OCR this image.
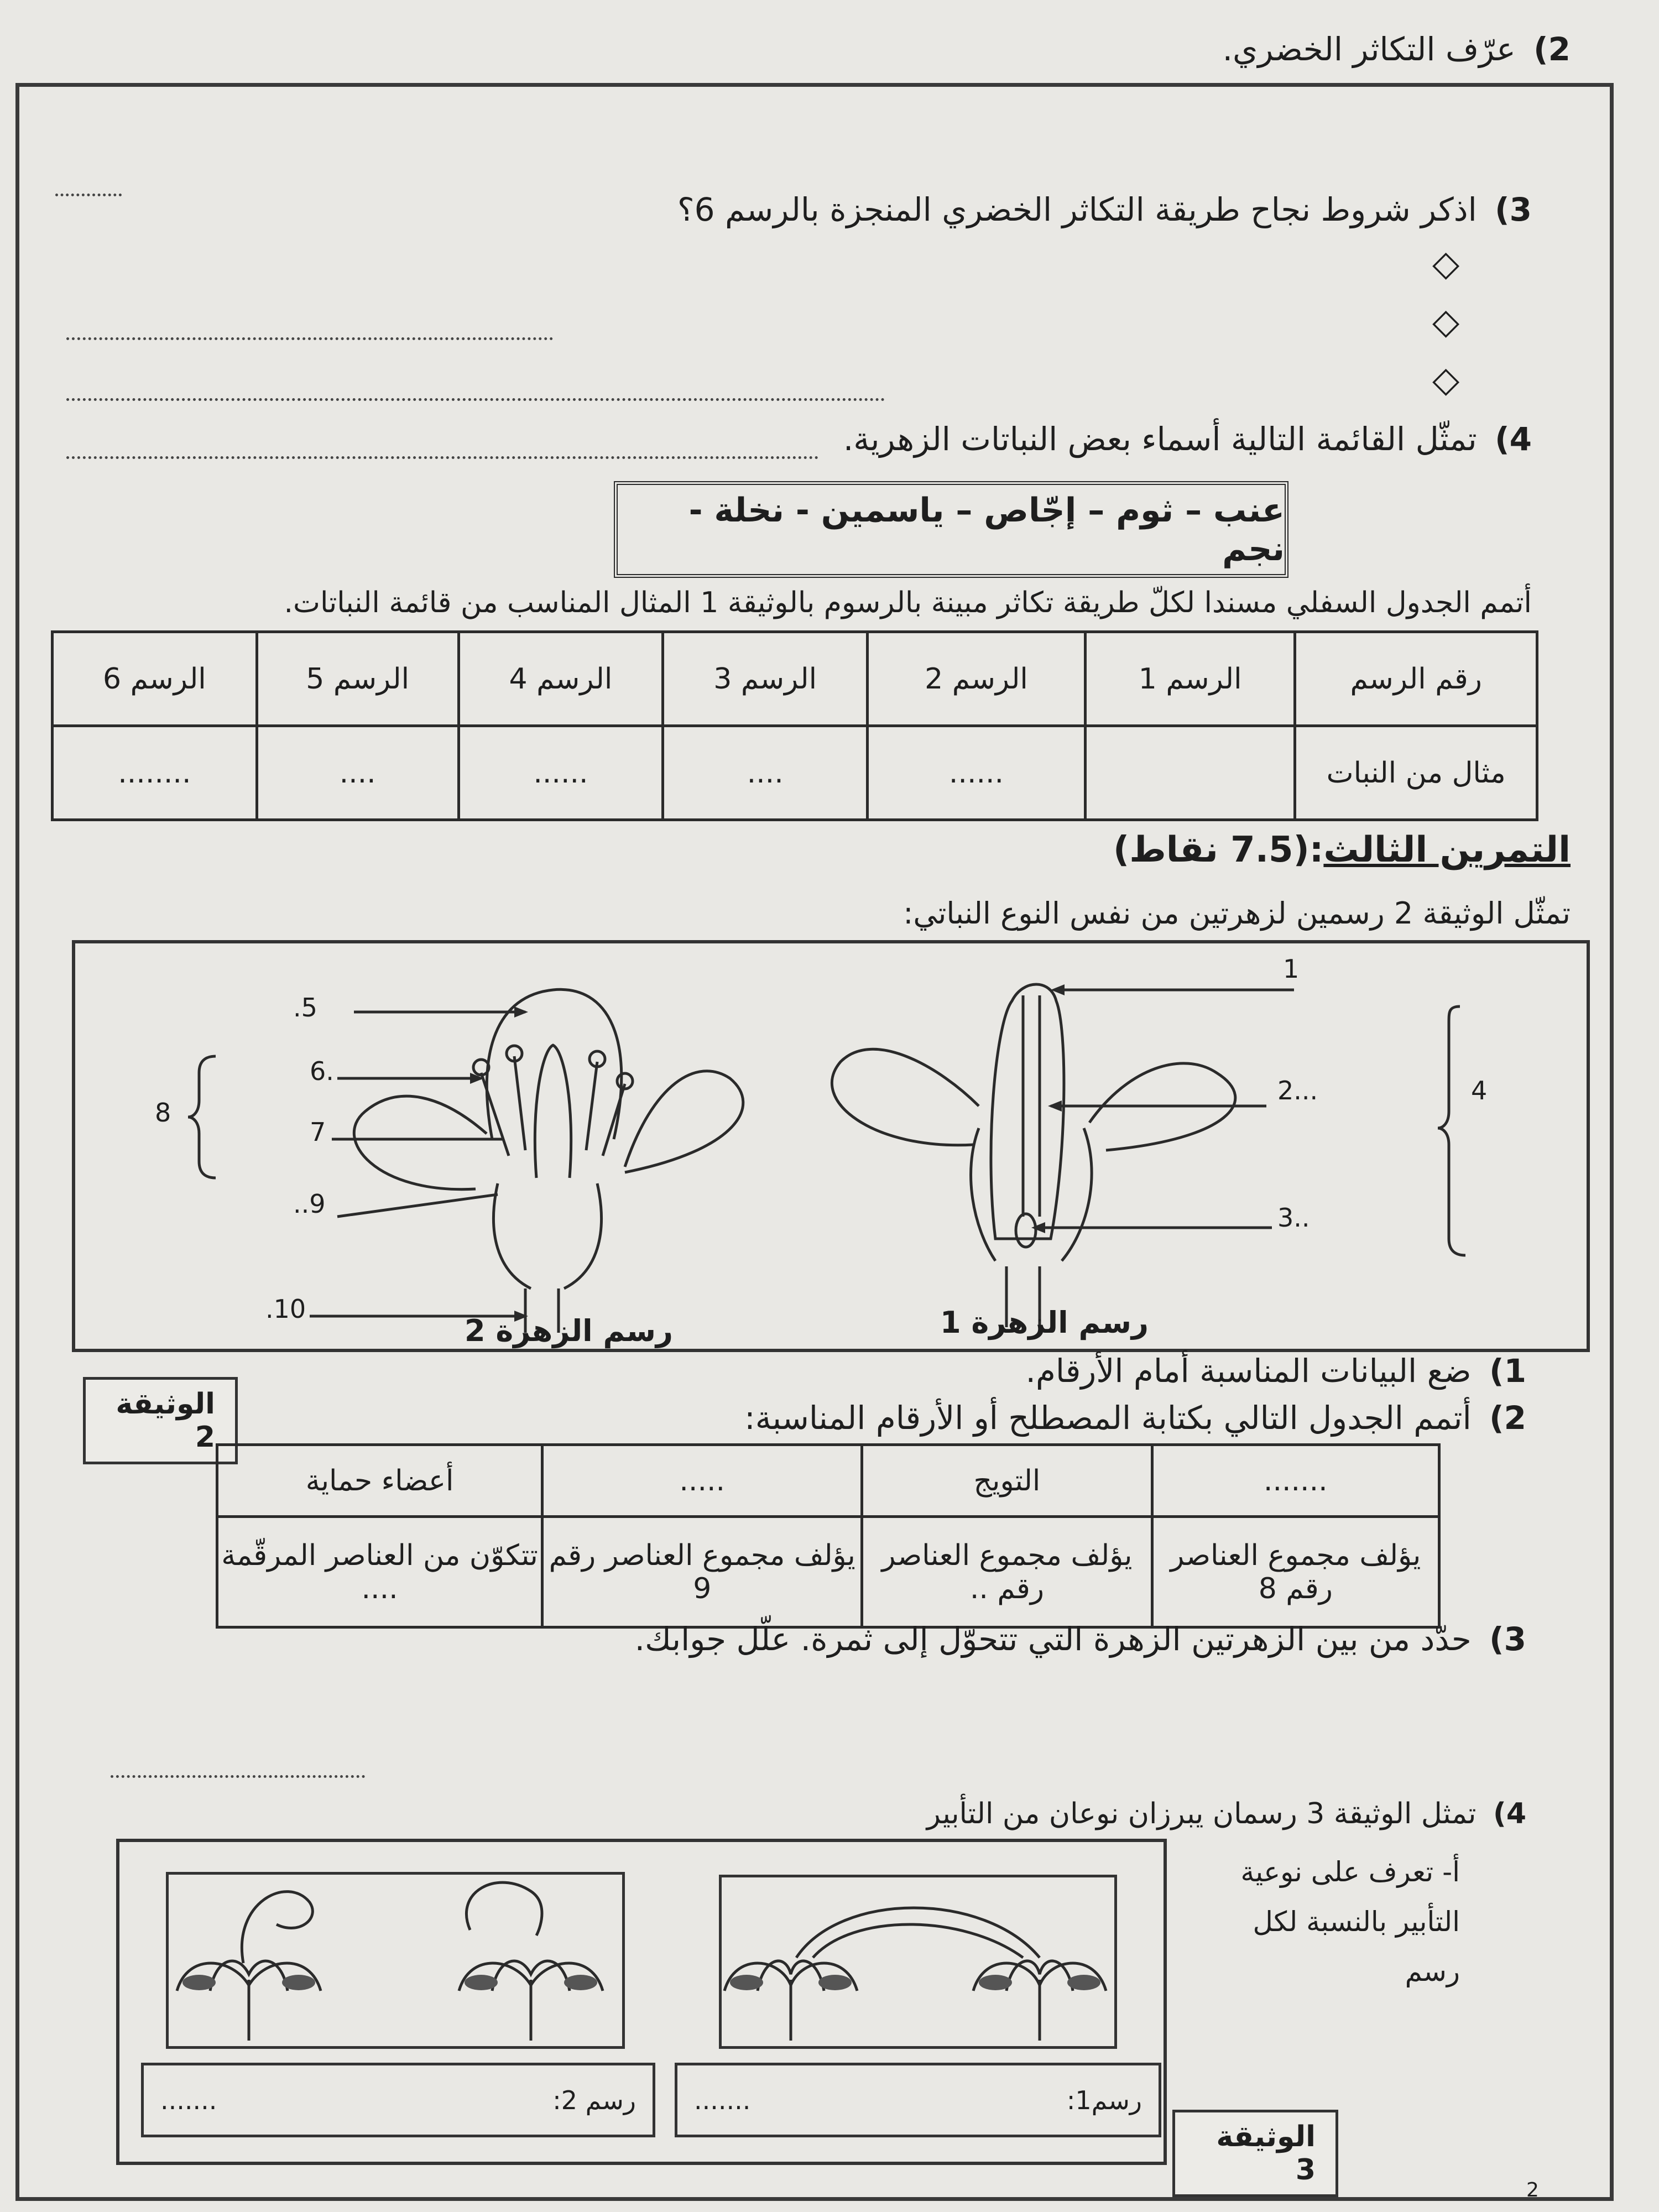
2) عرّف التكاثر الخضري.
3) اذكر شروط نجاح طريقة التكاثر الخضري المنجزة بالرسم 6؟
◇
◇
◇
4) تمثّل القائمة التالية أسماء بعض النباتات الزهرية.
عنب – ثوم – إجّاص – ياسمين - نخلة - نجم
أتمم الجدول السفلي مسندا لكلّ طريقة تكاثر مبينة بالرسوم بالوثيقة 1 المثال المناسب من قائمة النباتات.
الرسم 6	الرسم 5	الرسم 4	الرسم 3	الرسم 2	الرسم 1	رقم الرسم
........	....	......	....	......		مثال من النبات
التمرين الثالث:(7.5 نقاط)
تمثّل الوثيقة 2 رسمين لزهرتين من نفس النوع النباتي:
1
2...
3..
4
.5
6.
7
8
..9
.10	رسم الزهرة 1
رسم الزهرة 2
الوثيقة 2
1) ضع البيانات المناسبة أمام الأرقام.
2) أتمم الجدول التالي بكتابة المصطلح أو الأرقام المناسبة:
أعضاء حماية	.....	التويج	.......
تتكوّن من العناصر المرقّمة ....	يؤلف مجموع العناصر رقم 9	يؤلف مجموع العناصر رقم ..	يؤلف مجموع العناصر رقم 8
3) حدّد من بين الزهرتين الزهرة التي تتحوّل إلى ثمرة. علّل جوابك.
4) تمثل الوثيقة 3 رسمان يبرزان نوعان من التأبير
أ- تعرف على نوعية التأبير بالنسبة لكل رسم
رسم 2:
.......	رسم1:
.......
الوثيقة 3
2
